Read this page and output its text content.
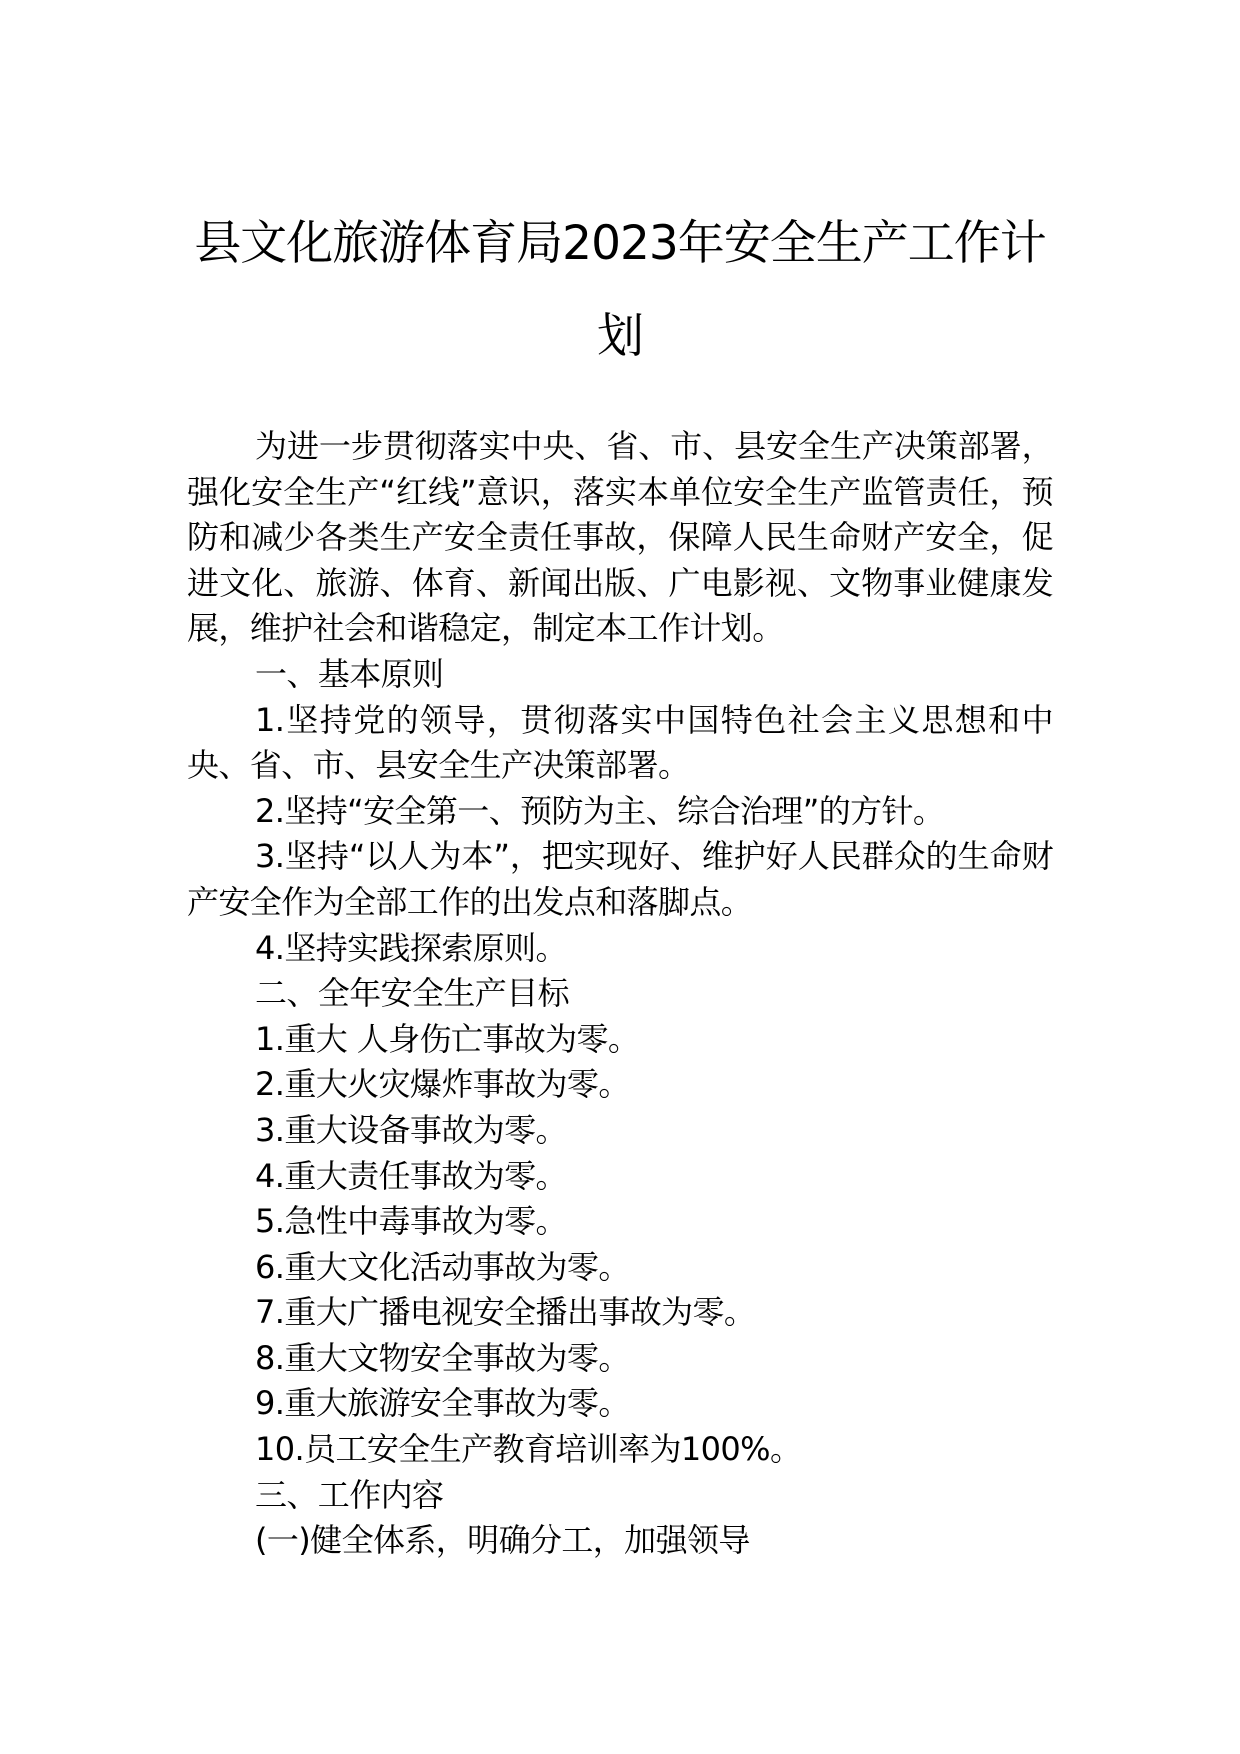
县文化旅游体育局2023年安全生产工作计
划

为进一步贯彻落实中央、省、市、县安全生产决策部署，强化安全生产“红线”意识，落实本单位安全生产监管责任，预防和减少各类生产安全责任事故，保障人民生命财产安全，促进文化、旅游、体育、新闻出版、广电影视、文物事业健康发展，维护社会和谐稳定，制定本工作计划。

一、基本原则

1.坚持党的领导，贯彻落实中国特色社会主义思想和中央、省、市、县安全生产决策部署。

2.坚持“安全第一、预防为主、综合治理”的方针。

3.坚持“以人为本”，把实现好、维护好人民群众的生命财产安全作为全部工作的出发点和落脚点。

4.坚持实践探索原则。

二、全年安全生产目标

1.重大 人身伤亡事故为零。

2.重大火灾爆炸事故为零。

3.重大设备事故为零。

4.重大责任事故为零。

5.急性中毒事故为零。

6.重大文化活动事故为零。

7.重大广播电视安全播出事故为零。

8.重大文物安全事故为零。

9.重大旅游安全事故为零。

10.员工安全生产教育培训率为100%。

三、工作内容

(一)健全体系，明确分工，加强领导
